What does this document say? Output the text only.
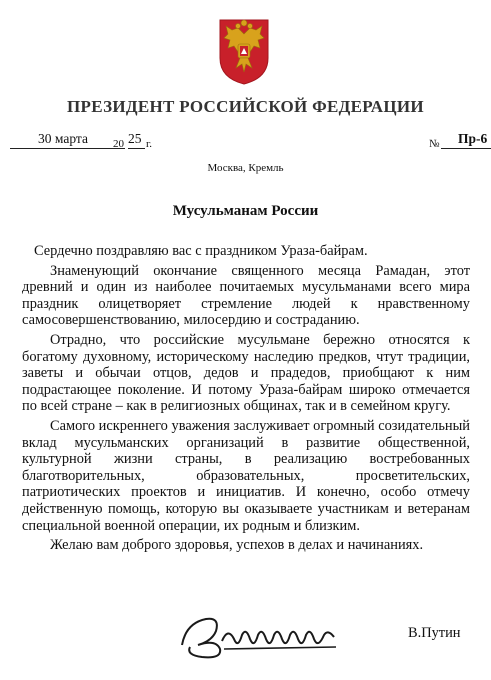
ПРЕЗИДЕНТ РОССИЙСКОЙ ФЕДЕРАЦИИ
30 марта 20 25 г.	№ Пр-6
Москва, Кремль
Мусульманам России

Сердечно поздравляю вас с праздником Ураза-байрам.

Знаменующий окончание священного месяца Рамадан, этот древний и один из наиболее почитаемых мусульманами всего мира праздник олицетворяет стремление людей к нравственному самосовершенствованию, милосердию и состраданию.

Отрадно, что российские мусульмане бережно относятся к богатому духовному, историческому наследию предков, чтут традиции, заветы и обычаи отцов, дедов и прадедов, приобщают к ним подрастающее поколение. И потому Ураза-байрам широко отмечается по всей стране – как в религиозных общинах, так и в семейном кругу.

Самого искреннего уважения заслуживает огромный созидательный вклад мусульманских организаций в развитие общественной, культурной жизни страны, в реализацию востребованных благотворительных, образовательных, просветительских, патриотических проектов и инициатив. И конечно, особо отмечу действенную помощь, которую вы оказываете участникам и ветеранам специальной военной операции, их родным и близким.

Желаю вам доброго здоровья, успехов в делах и начинаниях.

В.Путин
